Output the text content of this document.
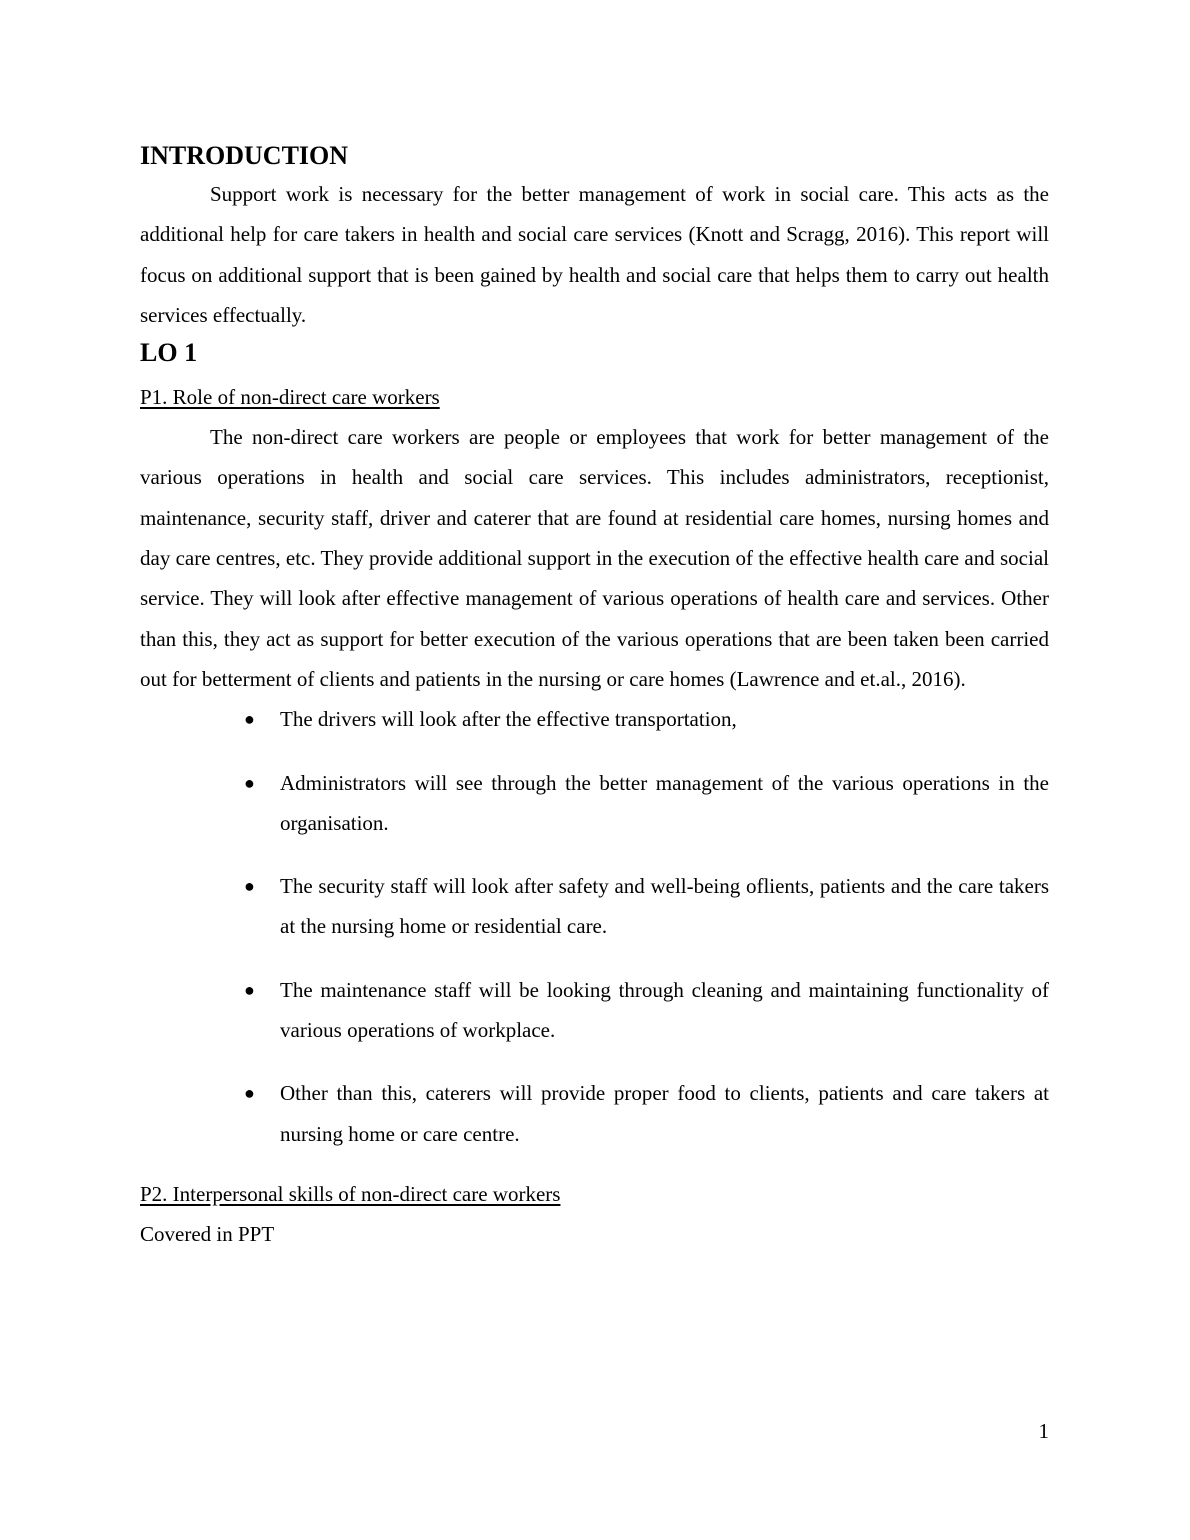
INTRODUCTION

Support work is necessary for the better management of work in social care. This acts as the additional help for care takers in health and social care services (Knott and Scragg, 2016). This report will focus on additional support that is been gained by health and social care that helps them to carry out health services effectually.

LO 1
P1. Role of non-direct care workers

The non-direct care workers are people or employees that work for better management of the various operations in health and social care services. This includes administrators, receptionist, maintenance, security staff, driver and caterer that are found at residential care homes, nursing homes and day care centres, etc. They provide additional support in the execution of the effective health care and social service. They will look after effective management of various operations of health care and services. Other than this, they act as support for better execution of the various operations that are been taken been carried out for betterment of clients and patients in the nursing or care homes (Lawrence and et.al., 2016).

● The drivers will look after the effective transportation,
● Administrators will see through the better management of the various operations in the organisation.
● The security staff will look after safety and well-being oflients, patients and the care takers at the nursing home or residential care.
● The maintenance staff will be looking through cleaning and maintaining functionality of various operations of workplace.
● Other than this, caterers will provide proper food to clients, patients and care takers at nursing home or care centre.
P2. Interpersonal skills of non-direct care workers

Covered in PPT

1
